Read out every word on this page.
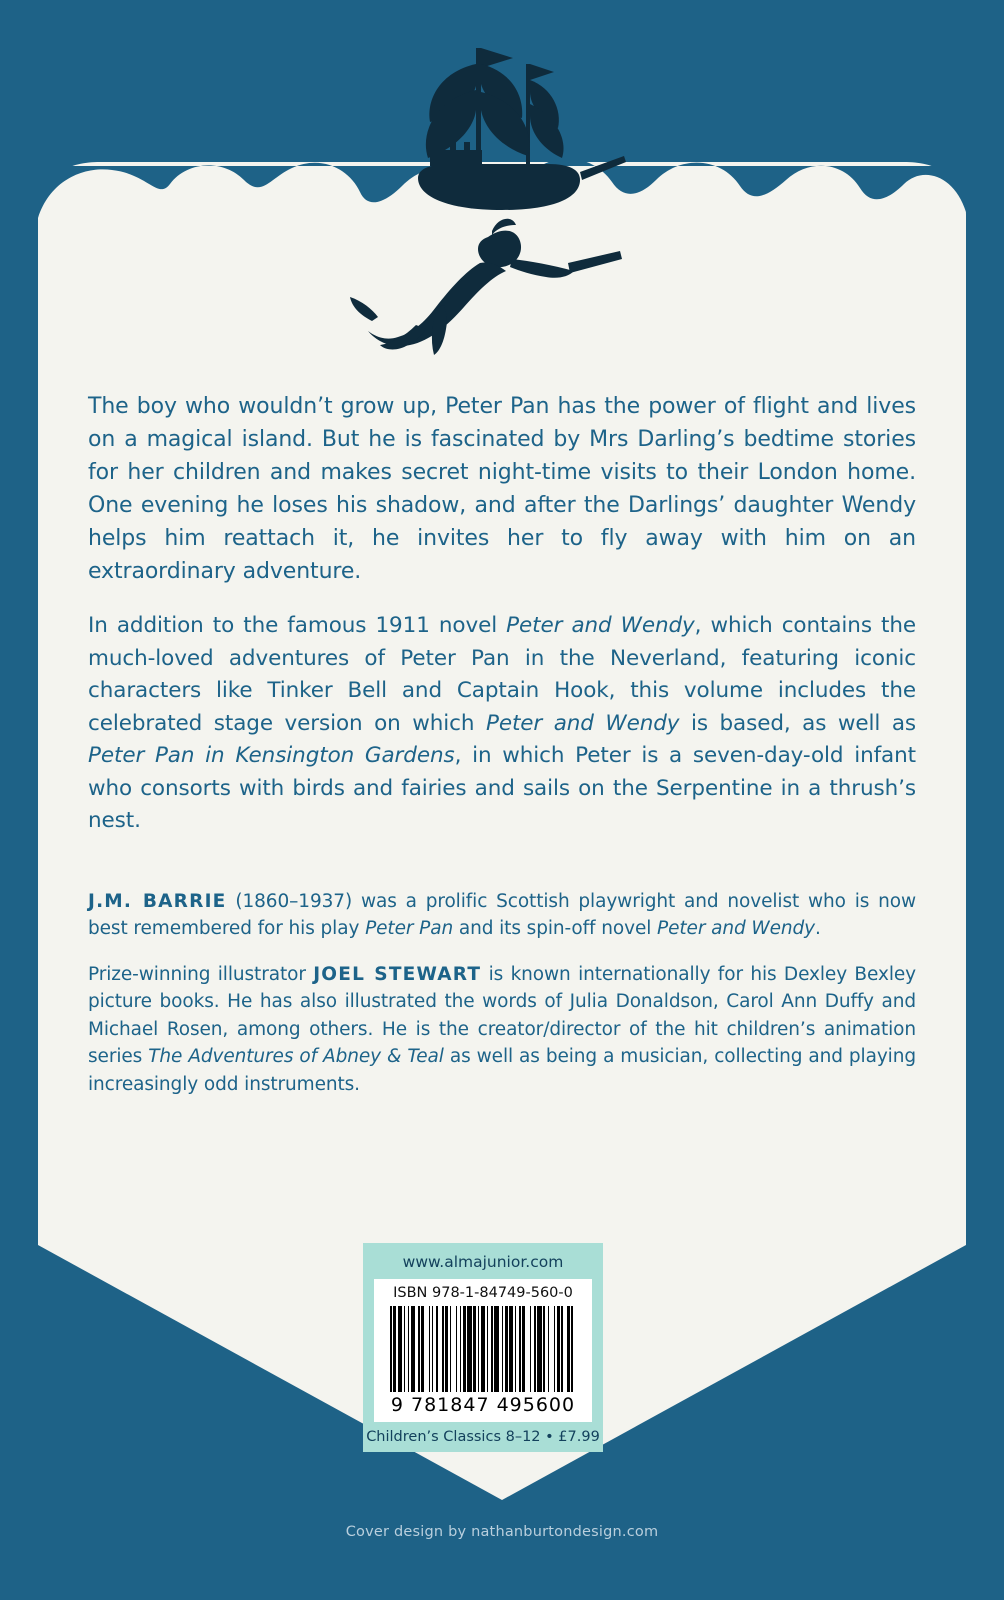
The boy who wouldn’t grow up, Peter Pan has the power of flight and lives on a magical island. But he is fascinated by Mrs Darling’s bedtime stories for her children and makes secret night-time visits to their London home. One evening he loses his shadow, and after the Darlings’ daughter Wendy helps him reattach it, he invites her to fly away with him on an extraordinary adventure.

In addition to the famous 1911 novel Peter and Wendy, which contains the much-loved adventures of Peter Pan in the Neverland, featuring iconic characters like Tinker Bell and Captain Hook, this volume includes the celebrated stage version on which Peter and Wendy is based, as well as Peter Pan in Kensington Gardens, in which Peter is a seven-day-old infant who consorts with birds and fairies and sails on the Serpentine in a thrush’s nest.

J.M. BARRIE (1860–1937) was a prolific Scottish playwright and novelist who is now best remembered for his play Peter Pan and its spin-off novel Peter and Wendy.

Prize-winning illustrator JOEL STEWART is known internationally for his Dexley Bexley picture books. He has also illustrated the words of Julia Donaldson, Carol Ann Duffy and Michael Rosen, among others. He is the creator/director of the hit children’s animation series The Adventures of Abney & Teal as well as being a musician, collecting and playing increasingly odd instruments.

www.almajunior.com
ISBN 978-1-84749-560-0
9 781847 495600
Children’s Classics 8–12 • £7.99
Cover design by nathanburtondesign.com
